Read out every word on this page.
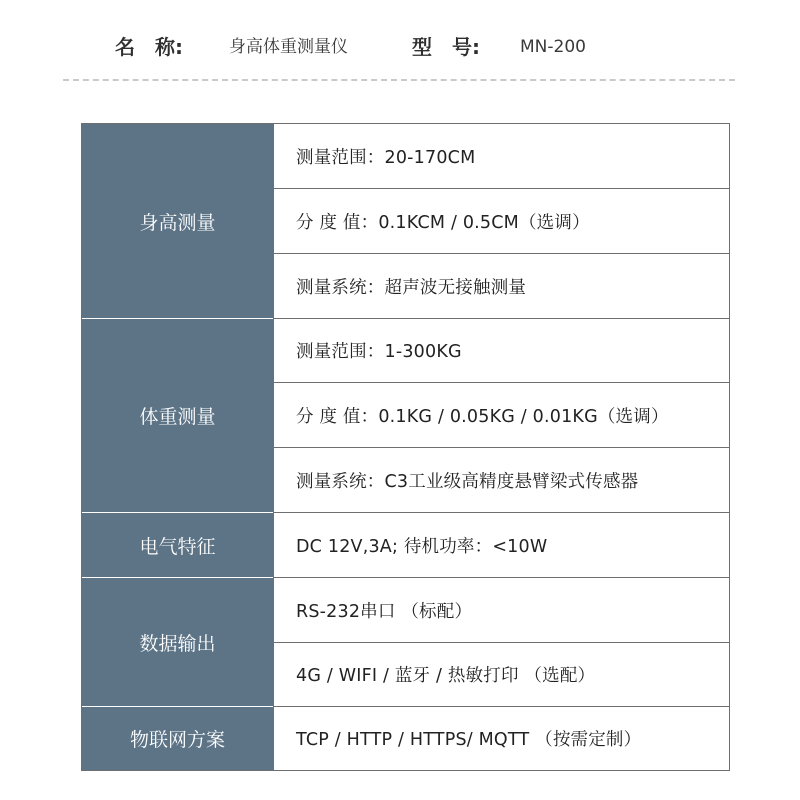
名　称:	身高体重测量仪	型　号: MN-200
身高测量
体重测量
电气特征
数据输出
物联网方案
测量范围：20-170CM
分 度 值：0.1KCM / 0.5CM（选调）
测量系统：超声波无接触测量
测量范围：1-300KG
分 度 值：0.1KG / 0.05KG / 0.01KG（选调）
测量系统：C3工业级高精度悬臂梁式传感器
DC 12V,3A; 待机功率：<10W
RS-232串口 （标配）
4G / WIFI / 蓝牙 / 热敏打印 （选配）
TCP / HTTP / HTTPS/ MQTT （按需定制）
